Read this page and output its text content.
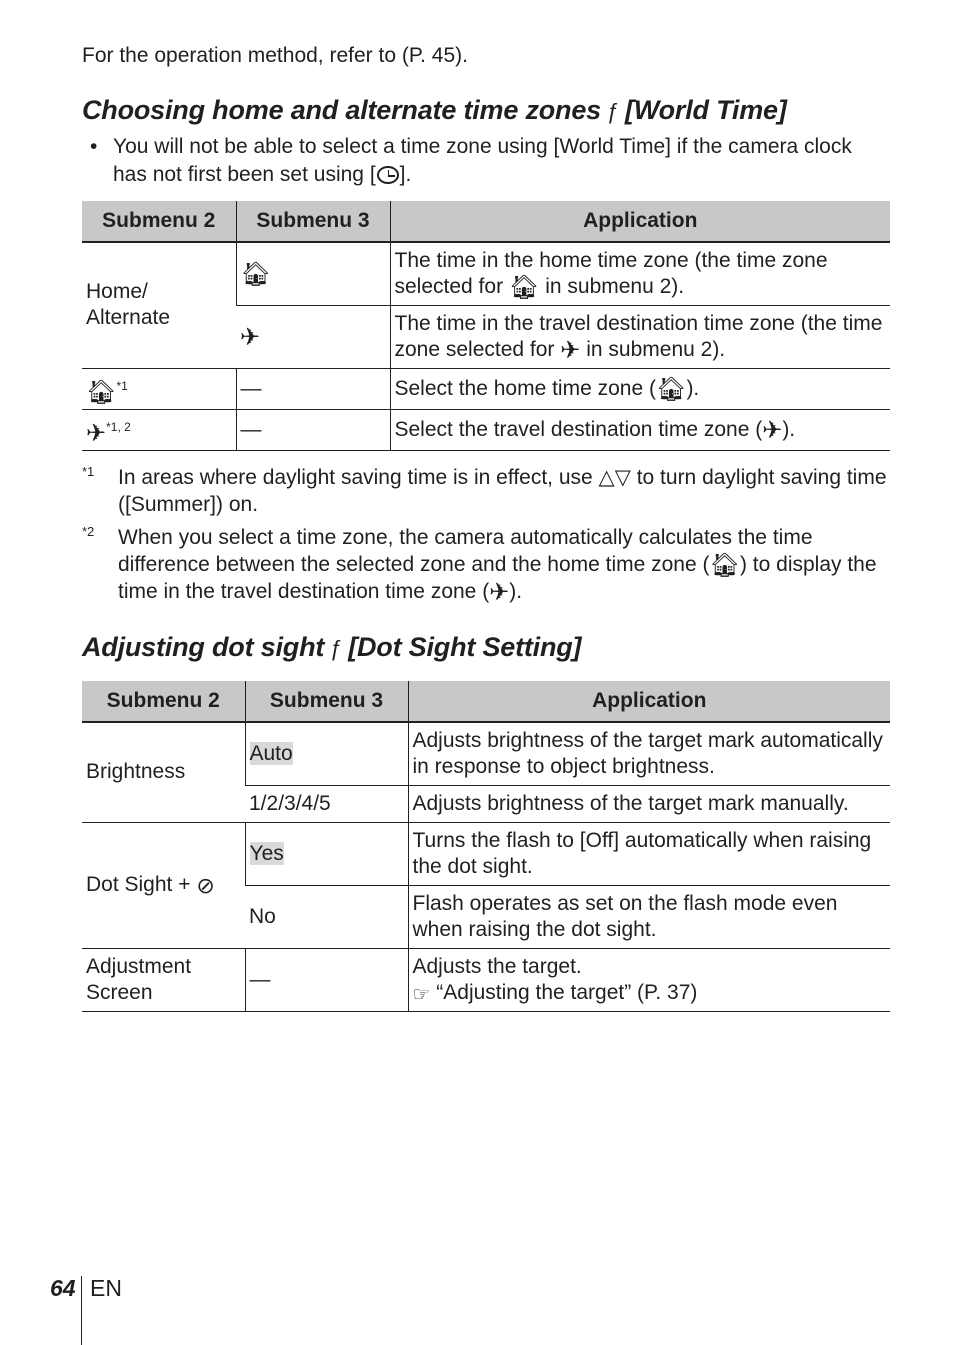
For the operation method, refer to (P. 45).
Choosing home and alternate time zones ƒ [World Time]
• You will not be able to select a time zone using [World Time] if the camera clock has not first been set using [ ].
Submenu 2	Submenu 3	Application
Home/ Alternate	🏠︎	The time in the home time zone (the time zone selected for 🏠︎ in submenu 2).
	✈︎	The time in the travel destination time zone (the time zone selected for ✈︎ in submenu 2).
🏠︎$^{*1}$	—	Select the home time zone (🏠︎).
✈︎$^{*1, 2}$	—	Select the travel destination time zone (✈︎).
*1 In areas where daylight saving time is in effect, use △▽ to turn daylight saving time ([Summer]) on.
*2 When you select a time zone, the camera automatically calculates the time difference between the selected zone and the home time zone (🏠︎) to display the time in the travel destination time zone (✈︎).
Adjusting dot sight ƒ [Dot Sight Setting]
Submenu 2	Submenu 3	Application
Brightness	Auto	Adjusts brightness of the target mark automatically in response to object brightness.
	1/2/3/4/5	Adjusts brightness of the target mark manually.
Dot Sight + ⊘	Yes	Turns the flash to [Off] automatically when raising the dot sight.
	No	Flash operates as set on the flash mode even when raising the dot sight.
Adjustment Screen	—	Adjusts the target.
☞ “Adjusting the target” (P. 37)
64 EN
